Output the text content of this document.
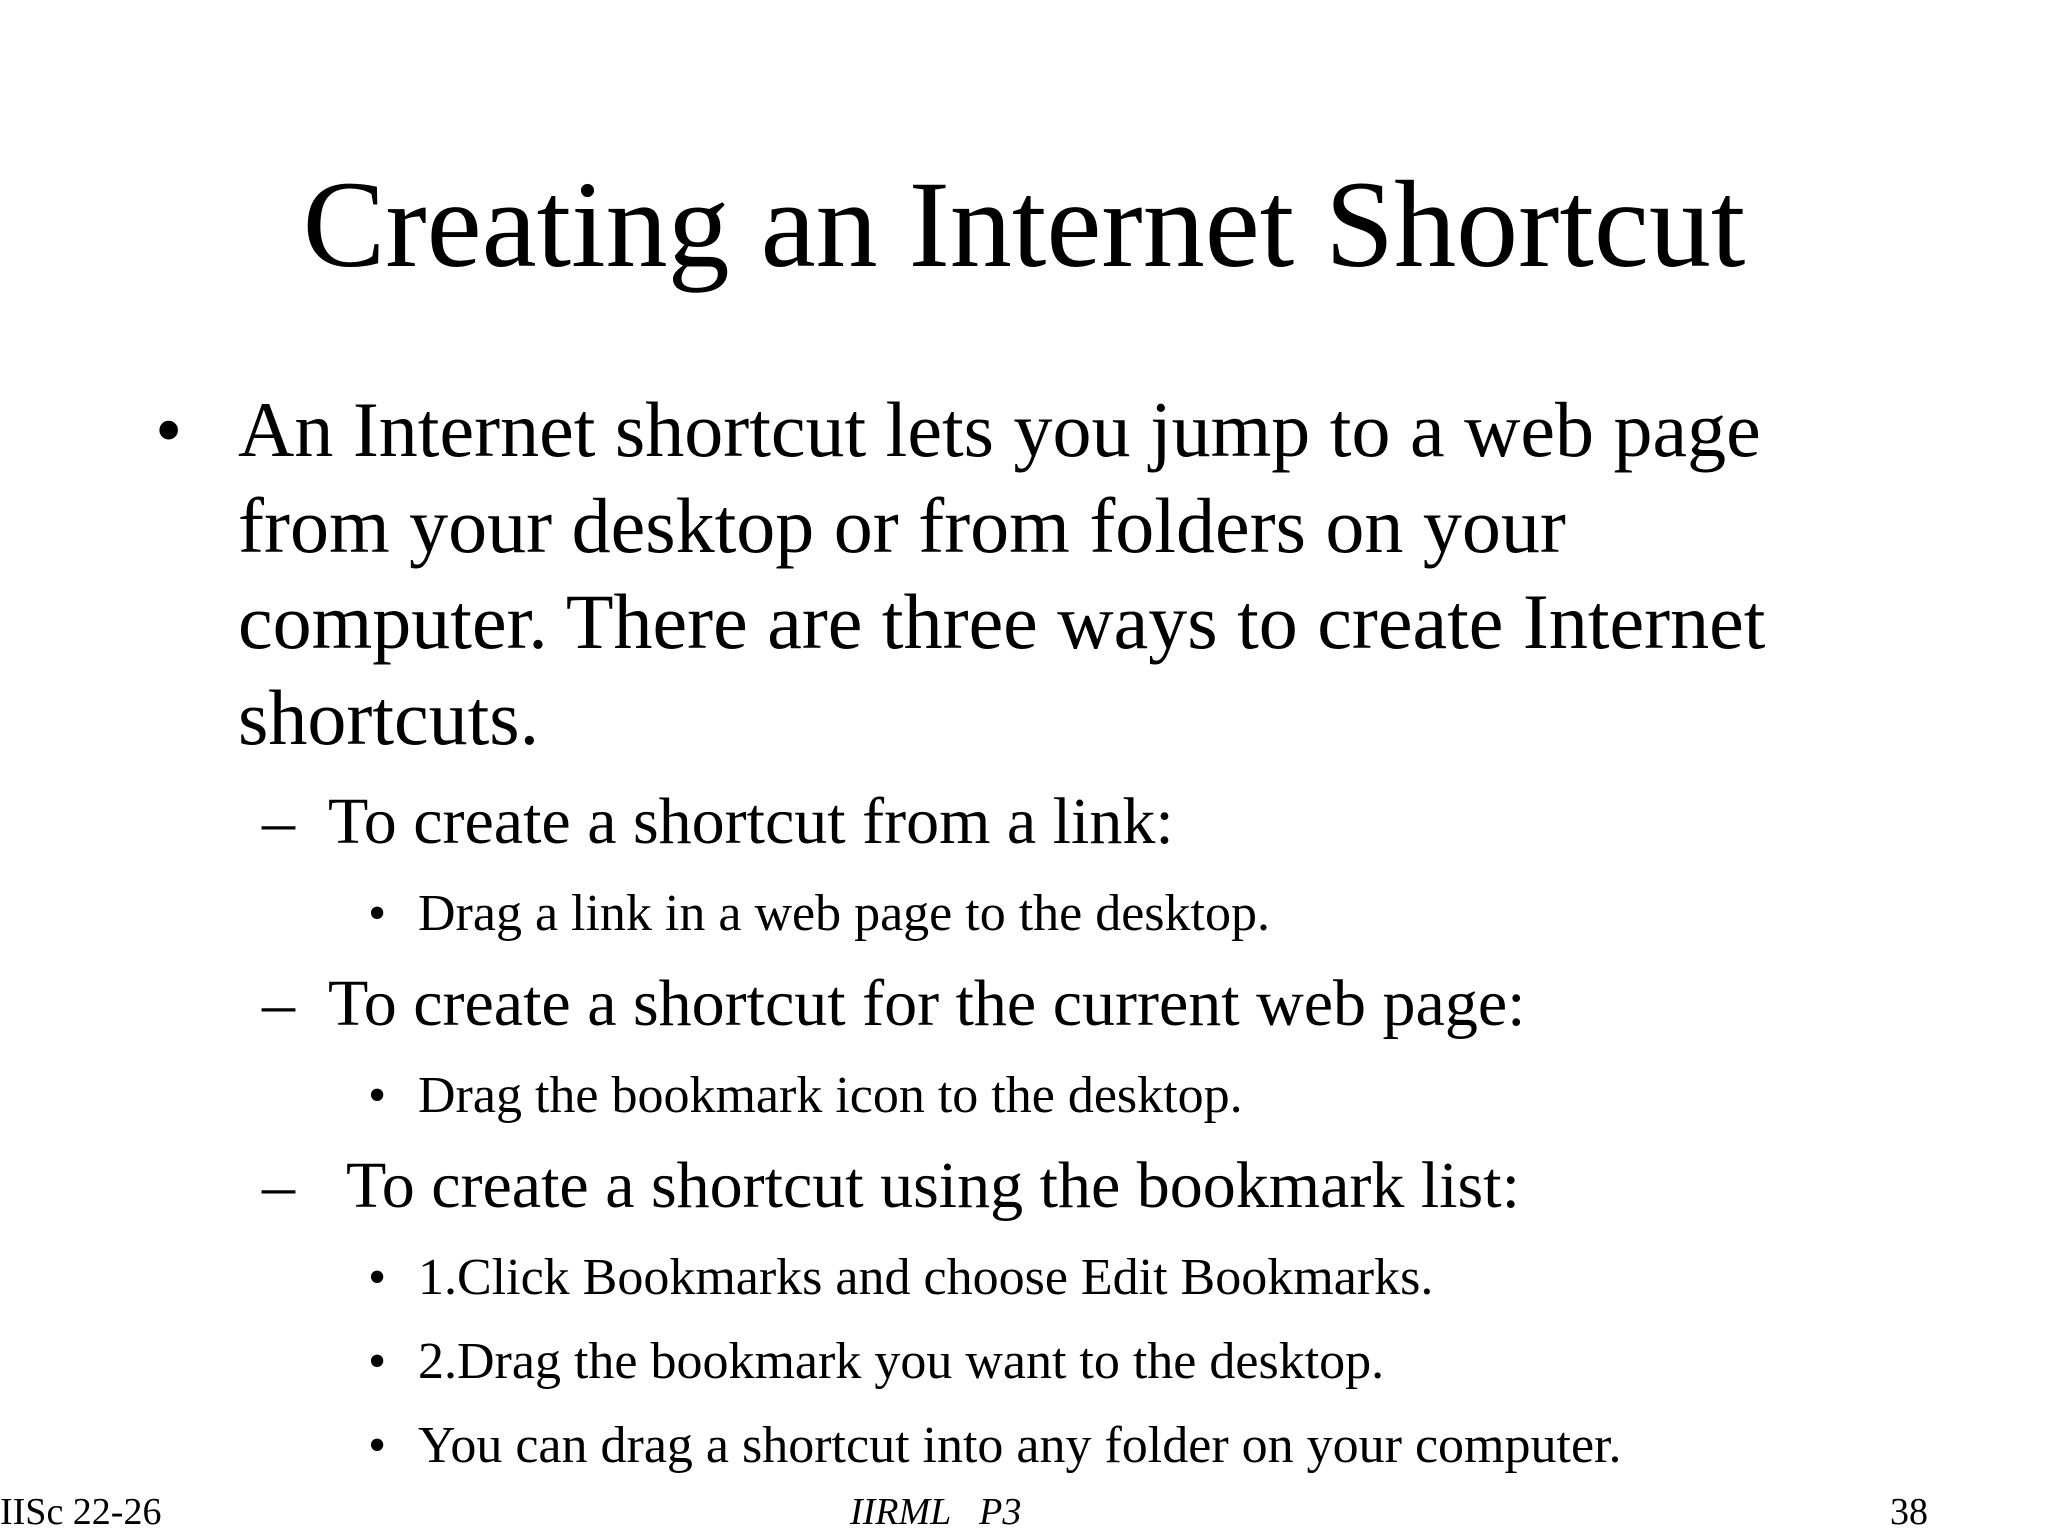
Creating an Internet Shortcut
• An Internet shortcut lets you jump to a web page
from your desktop or from folders on your
computer. There are three ways to create Internet
shortcuts.
– To create a shortcut from a link:
• Drag a link in a web page to the desktop.
– To create a shortcut for the current web page:
• Drag the bookmark icon to the desktop.
– To create a shortcut using the bookmark list:
• 1.Click Bookmarks and choose Edit Bookmarks.
• 2.Drag the bookmark you want to the desktop.
• You can drag a shortcut into any folder on your computer.
IISc 22-26	IIRML   P3	38
